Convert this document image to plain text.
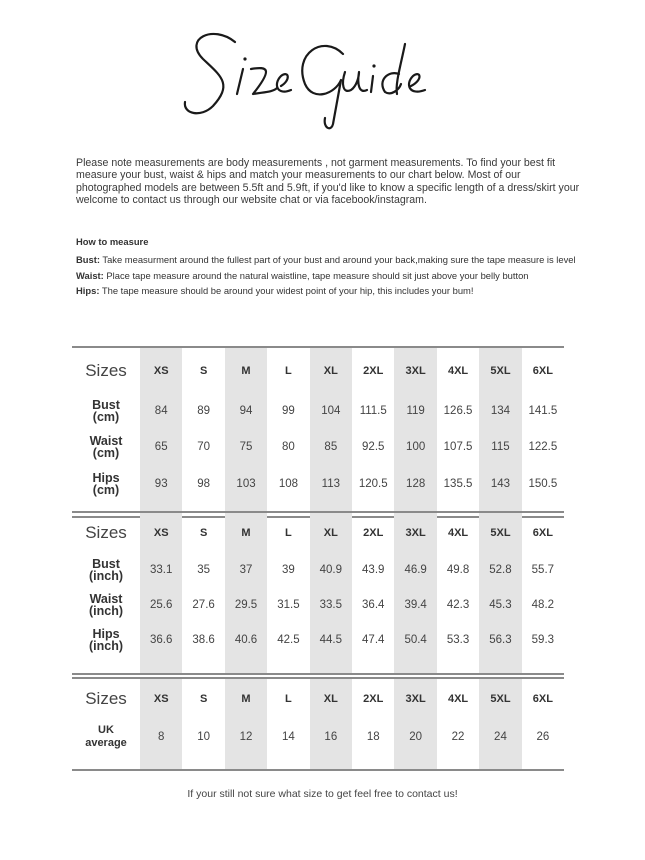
Please note measurements are body measurements , not garment measurements. To find your best fit measure your bust, waist & hips and match your measurements to our chart below. Most of our photographed models are between 5.5ft and 5.9ft, if you'd like to know a specific length of a dress/skirt your welcome to contact us through our website chat or via facebook/instagram.
How to measure

Bust: Take measurment around the fullest part of your bust and around your back,making sure the tape measure is level

Waist: Place tape measure around the natural waistline, tape measure should sit just above your belly button

Hips: The tape measure should be around your widest point of your hip, this includes your bum!

Sizes	XS	S	M	L	XL	2XL	3XL	4XL	5XL	6XL
Bust
(cm)	84	89	94	99	104	111.5	119	126.5	134	141.5
Waist
(cm)	65	70	75	80	85	92.5	100	107.5	115	122.5
Hips
(cm)	93	98	103	108	113	120.5	128	135.5	143	150.5
Sizes	XS	S	M	L	XL	2XL	3XL	4XL	5XL	6XL
Bust
(inch)	33.1	35	37	39	40.9	43.9	46.9	49.8	52.8	55.7
Waist
(inch)	25.6	27.6	29.5	31.5	33.5	36.4	39.4	42.3	45.3	48.2
Hips
(inch)	36.6	38.6	40.6	42.5	44.5	47.4	50.4	53.3	56.3	59.3
Sizes	XS	S	M	L	XL	2XL	3XL	4XL	5XL	6XL
UK
average	8	10	12	14	16	18	20	22	24	26
If your still not sure what size to get feel free to contact us!
